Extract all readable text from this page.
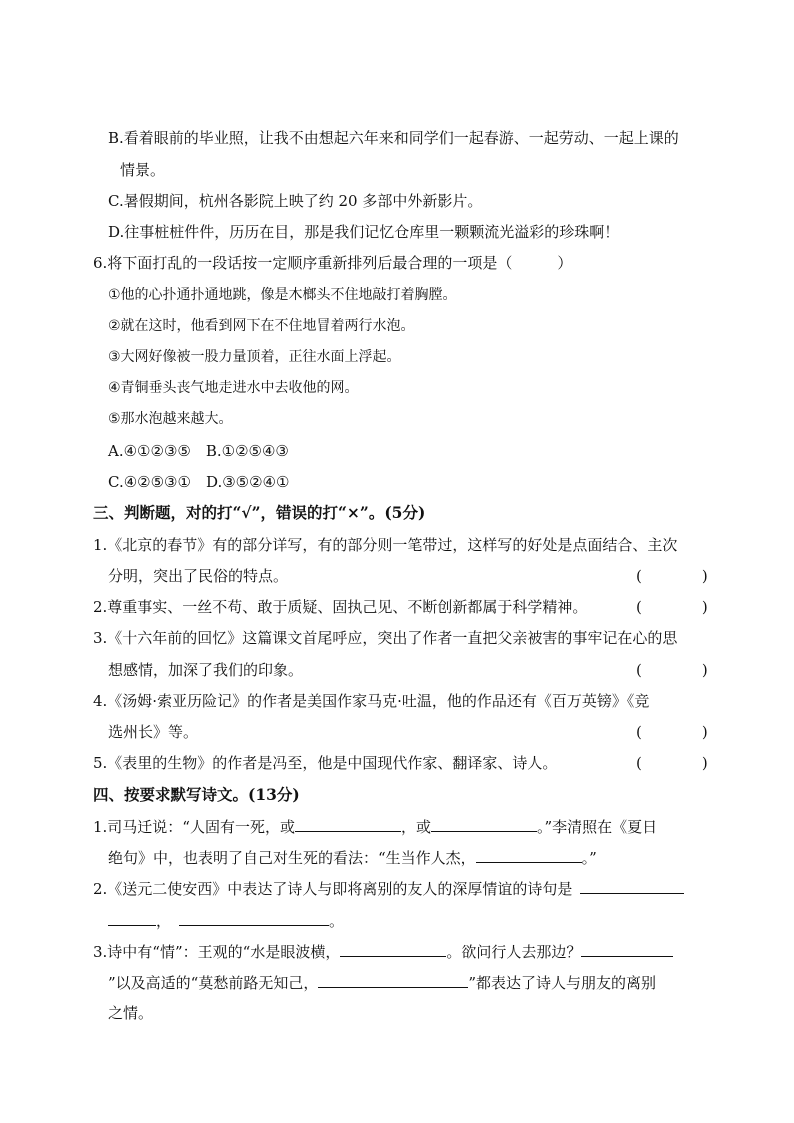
B.看着眼前的毕业照，让我不由想起六年来和同学们一起春游、一起劳动、一起上课的
情景。
C.暑假期间，杭州各影院上映了约 20 多部中外新影片。
D.往事桩桩件件，历历在目，那是我们记忆仓库里一颗颗流光溢彩的珍珠啊！
6.将下面打乱的一段话按一定顺序重新排列后最合理的一项是（　　　）
①他的心扑通扑通地跳，像是木榔头不住地敲打着胸膛。
②就在这时，他看到网下在不住地冒着两行水泡。
③大网好像被一股力量顶着，正往水面上浮起。
④青铜垂头丧气地走进水中去收他的网。
⑤那水泡越来越大。
A.④①②③⑤　B.①②⑤④③
C.④②⑤③①　D.③⑤②④①
三、判断题，对的打“√”，错误的打“×”。(5分)
1.《北京的春节》有的部分详写，有的部分则一笔带过，这样写的好处是点面结合、主次
分明，突出了民俗的特点。	(　　　　)
2.尊重事实、一丝不苟、敢于质疑、固执己见、不断创新都属于科学精神。	(　　　　)
3.《十六年前的回忆》这篇课文首尾呼应，突出了作者一直把父亲被害的事牢记在心的思
想感情，加深了我们的印象。	(　　　　)
4.《汤姆·索亚历险记》的作者是美国作家马克·吐温，他的作品还有《百万英镑》《竞
选州长》等。	(　　　　)
5.《表里的生物》的作者是冯至，他是中国现代作家、翻译家、诗人。	(　　　　)
四、按要求默写诗文。(13分)
1.司马迁说：“人固有一死，或	，或	。”李清照在《夏日
绝句》中，也表明了自己对生死的看法：“生当作人杰，	。”
2.《送元二使安西》中表达了诗人与即将离别的友人的深厚情谊的诗句是
，	。
3.诗中有“情”：王观的“水是眼波横，	。欲问行人去那边？
”以及高适的“莫愁前路无知己，	”都表达了诗人与朋友的离别
之情。
